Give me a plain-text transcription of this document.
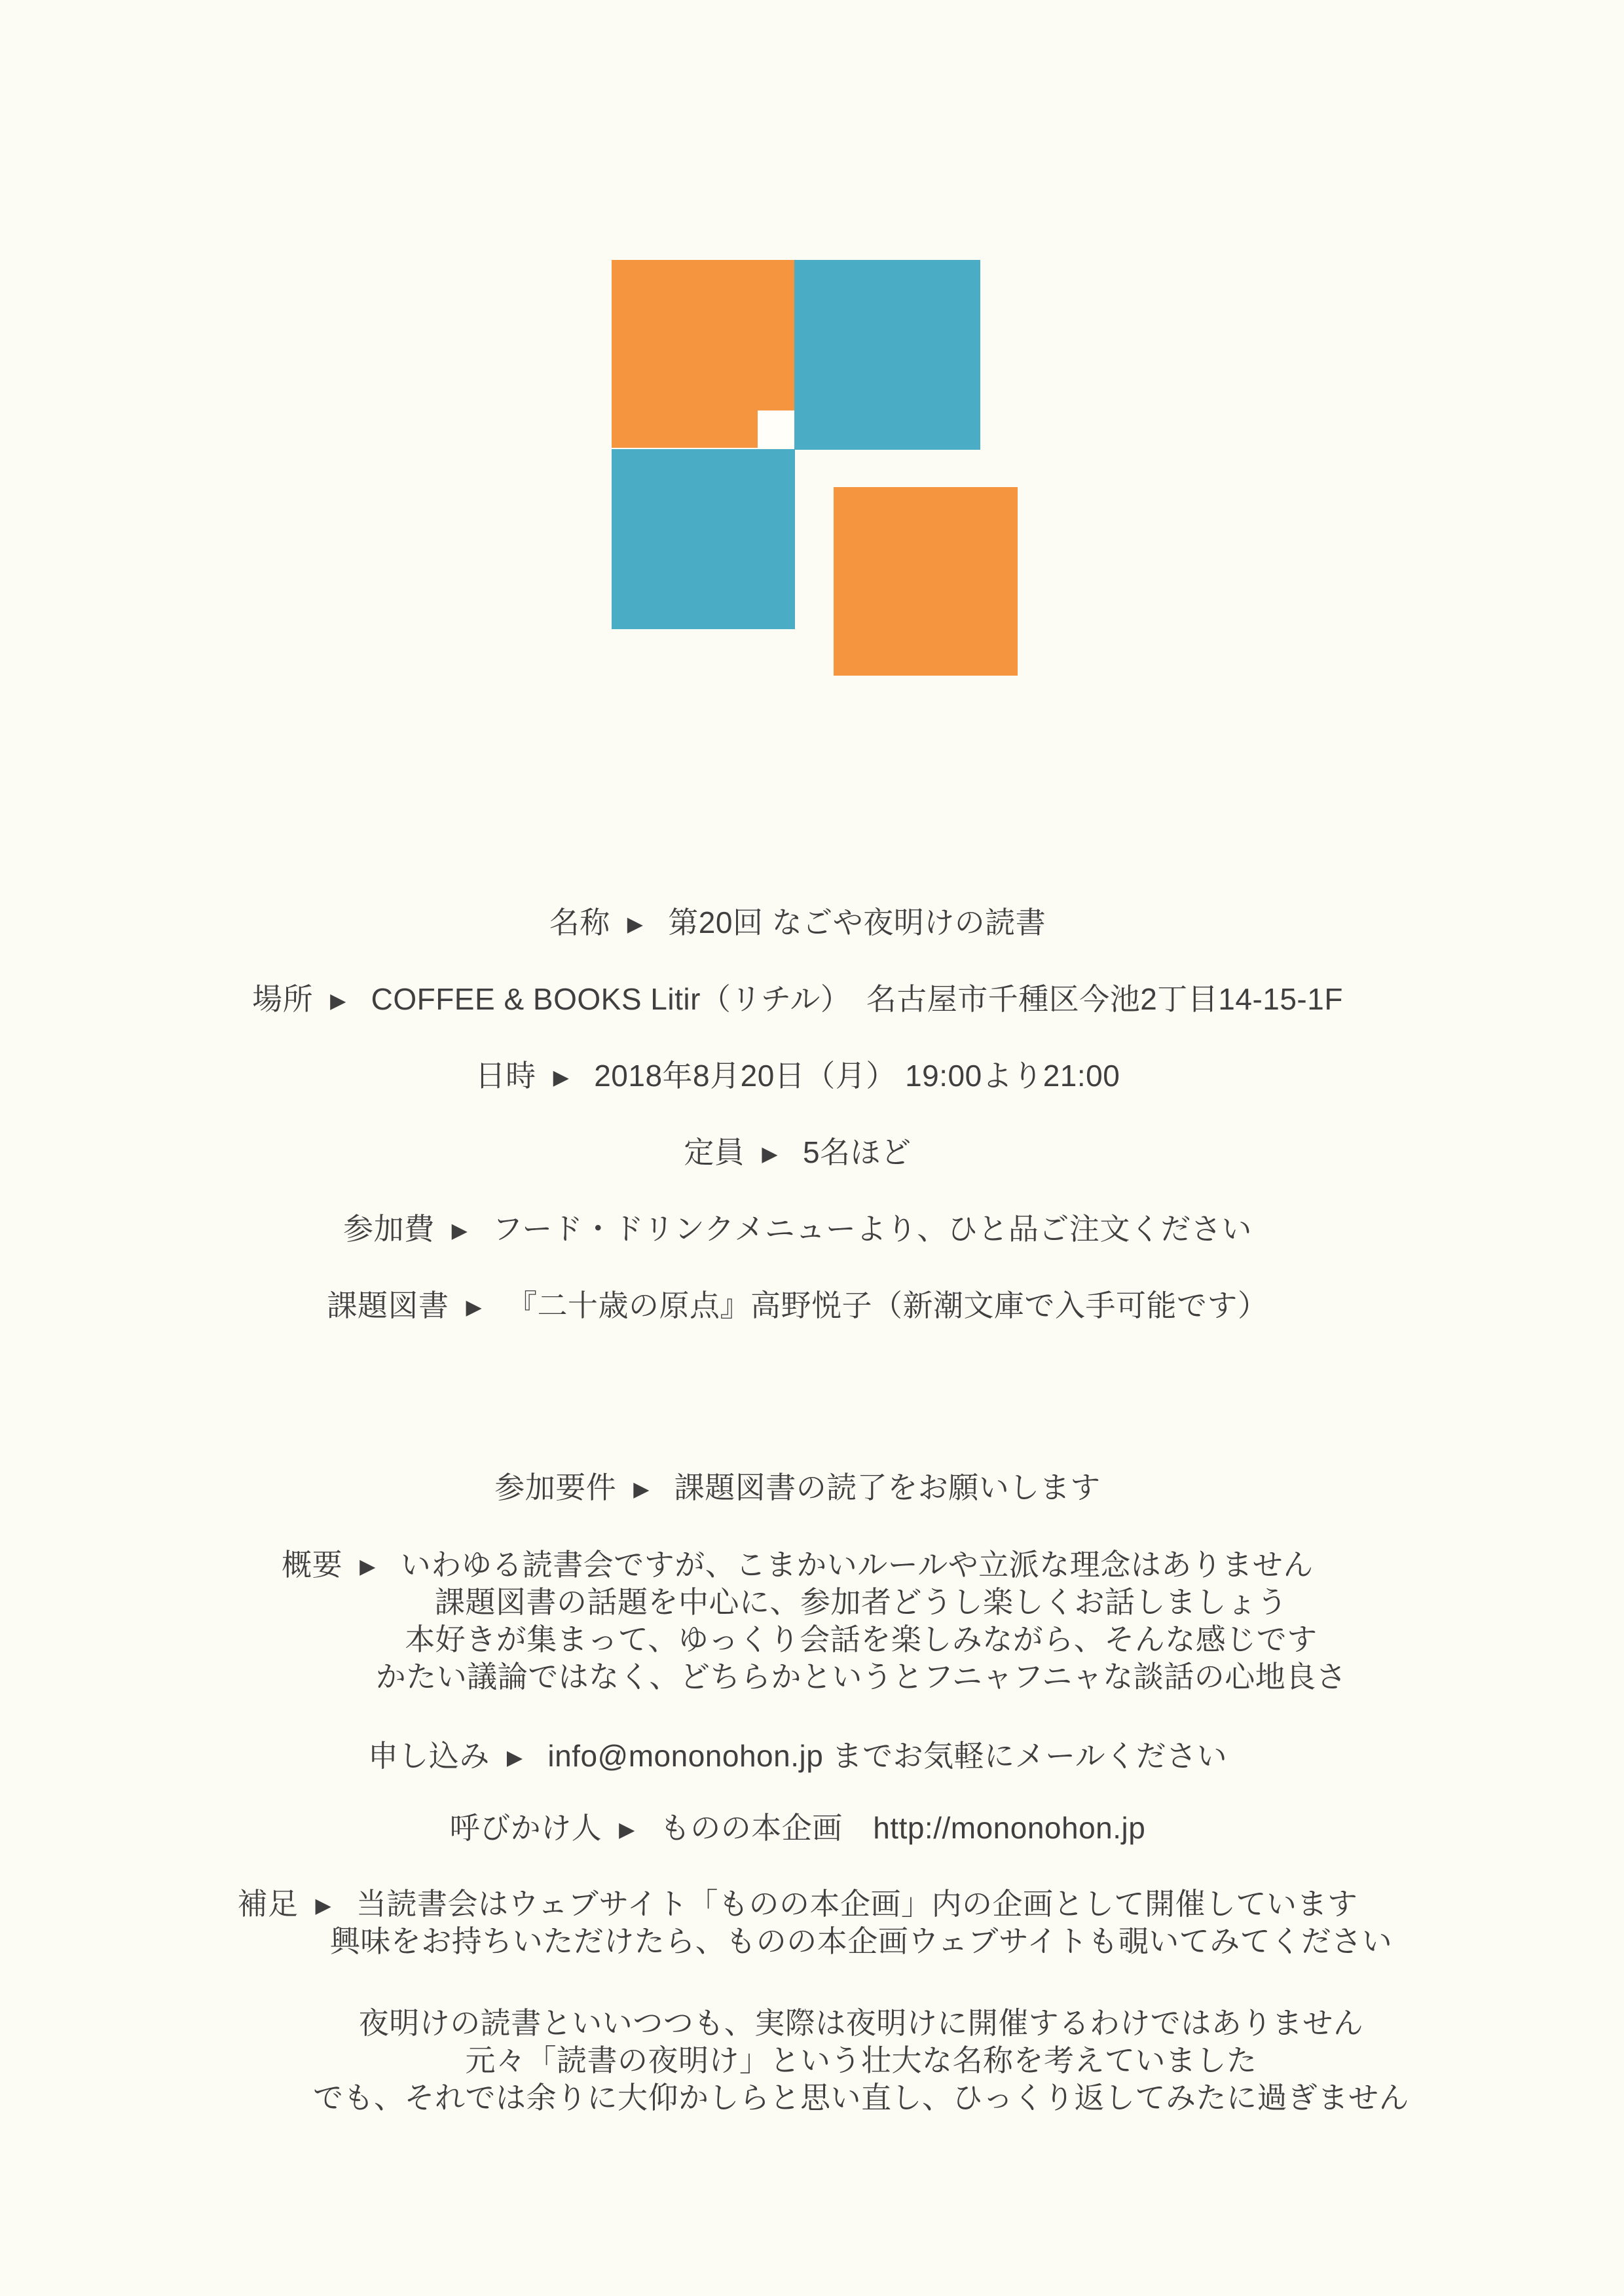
名称 ▶ 第20回 なごや夜明けの読書
場所 ▶ COFFEE & BOOKS Litir（リチル）　名古屋市千種区今池2丁目14-15-1F
日時 ▶ 2018年8月20日（月） 19:00より21:00
定員 ▶ 5名ほど
参加費 ▶ フード・ドリンクメニューより、ひと品ご注文ください
課題図書 ▶ 『二十歳の原点』高野悦子（新潮文庫で入手可能です）
参加要件 ▶ 課題図書の読了をお願いします
概要 ▶ いわゆる読書会ですが、こまかいルールや立派な理念はありません
課題図書の話題を中心に、参加者どうし楽しくお話しましょう
本好きが集まって、ゆっくり会話を楽しみながら、そんな感じです
かたい議論ではなく、どちらかというとフニャフニャな談話の心地良さ
申し込み ▶ info@mononohon.jp までお気軽にメールください
呼びかけ人 ▶ ものの本企画　http://mononohon.jp
補足 ▶ 当読書会はウェブサイト「ものの本企画」内の企画として開催しています
興味をお持ちいただけたら、ものの本企画ウェブサイトも覗いてみてください
夜明けの読書といいつつも、実際は夜明けに開催するわけではありません
元々「読書の夜明け」という壮大な名称を考えていました
でも、それでは余りに大仰かしらと思い直し、ひっくり返してみたに過ぎません
